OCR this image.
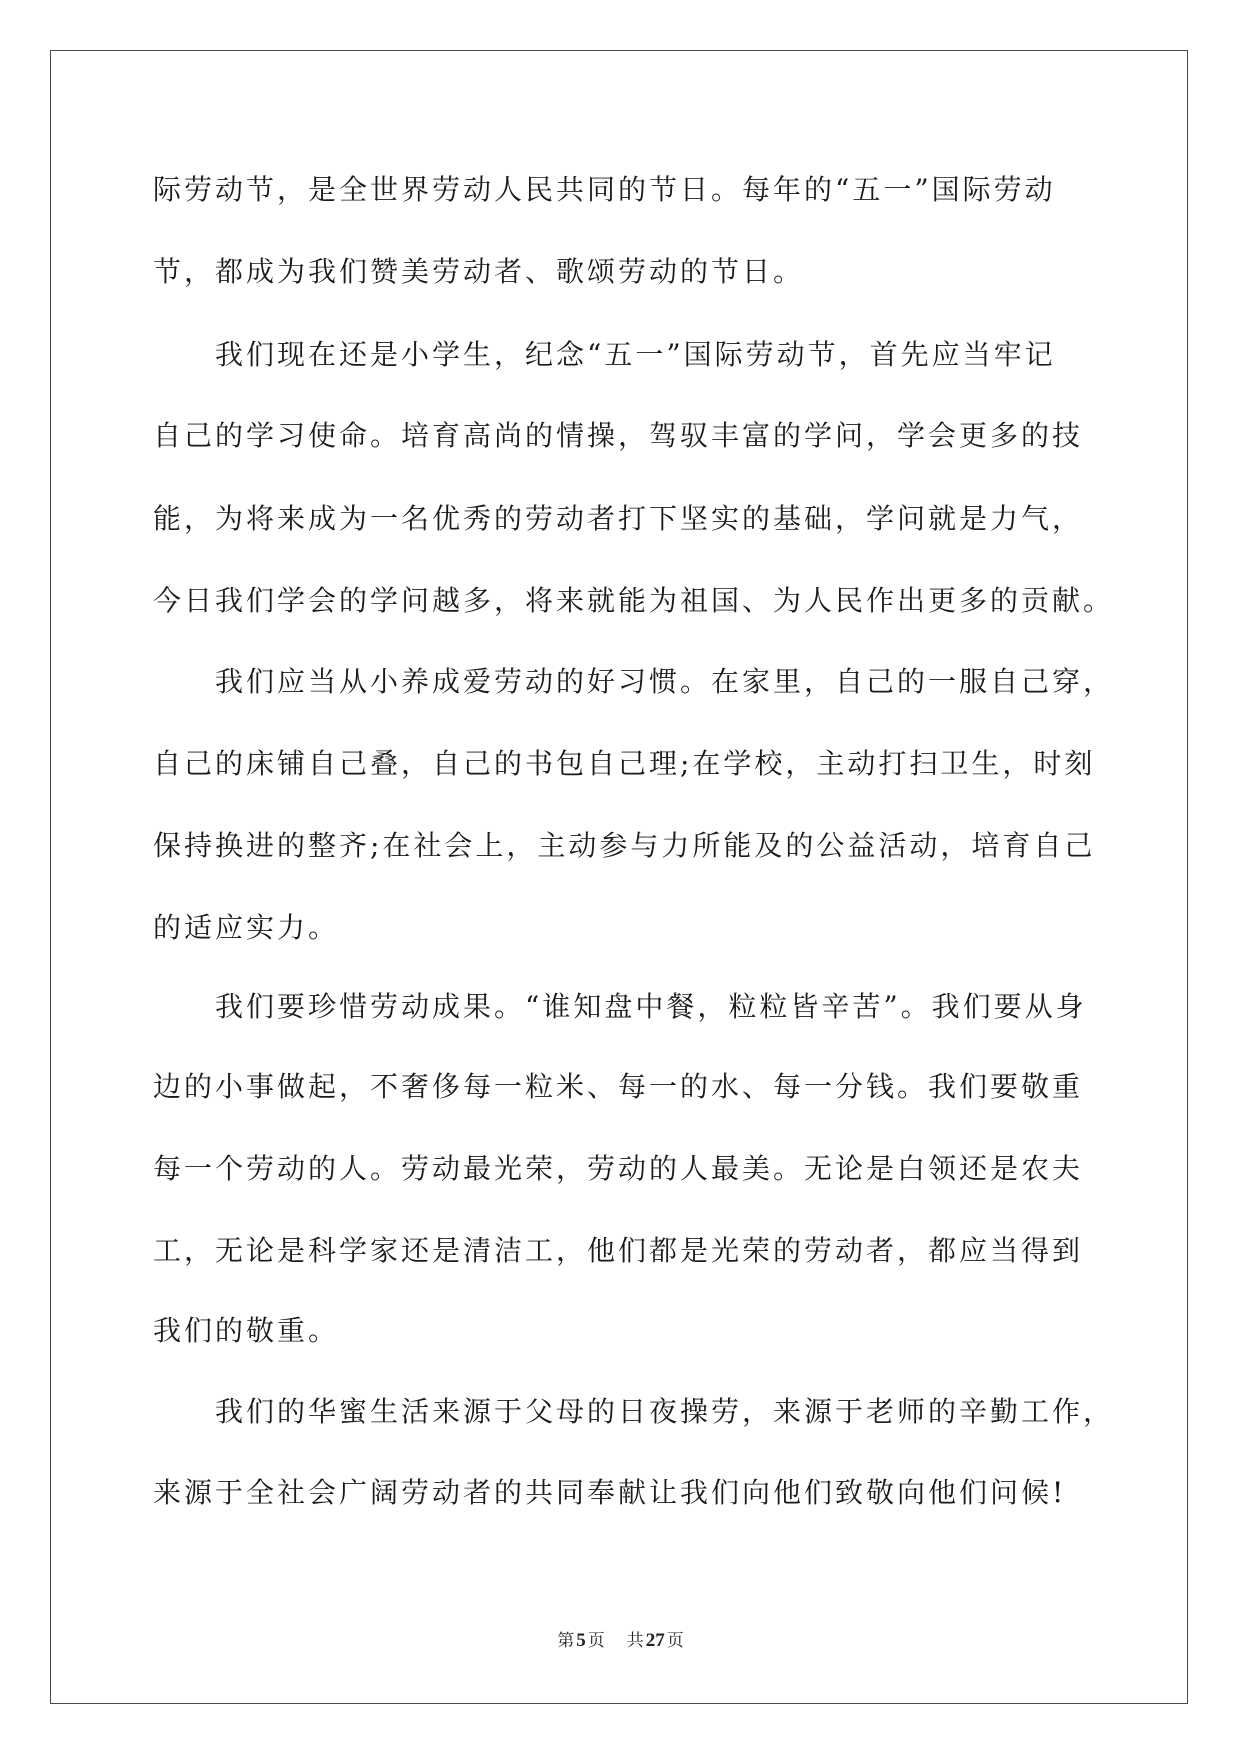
际劳动节，是全世界劳动人民共同的节日。每年的“五一”国际劳动
节，都成为我们赞美劳动者、歌颂劳动的节日。
我们现在还是小学生，纪念“五一”国际劳动节，首先应当牢记
自己的学习使命。培育高尚的情操，驾驭丰富的学问，学会更多的技
能，为将来成为一名优秀的劳动者打下坚实的基础，学问就是力气，
今日我们学会的学问越多，将来就能为祖国、为人民作出更多的贡献。
我们应当从小养成爱劳动的好习惯。在家里，自己的一服自己穿，
自己的床铺自己叠，自己的书包自己理;在学校，主动打扫卫生，时刻
保持换进的整齐;在社会上，主动参与力所能及的公益活动，培育自己
的适应实力。
我们要珍惜劳动成果。“谁知盘中餐，粒粒皆辛苦”。我们要从身
边的小事做起，不奢侈每一粒米、每一的水、每一分钱。我们要敬重
每一个劳动的人。劳动最光荣，劳动的人最美。无论是白领还是农夫
工，无论是科学家还是清洁工，他们都是光荣的劳动者，都应当得到
我们的敬重。
我们的华蜜生活来源于父母的日夜操劳，来源于老师的辛勤工作，
来源于全社会广阔劳动者的共同奉献让我们向他们致敬向他们问候!
第 5 页 共 27 页
